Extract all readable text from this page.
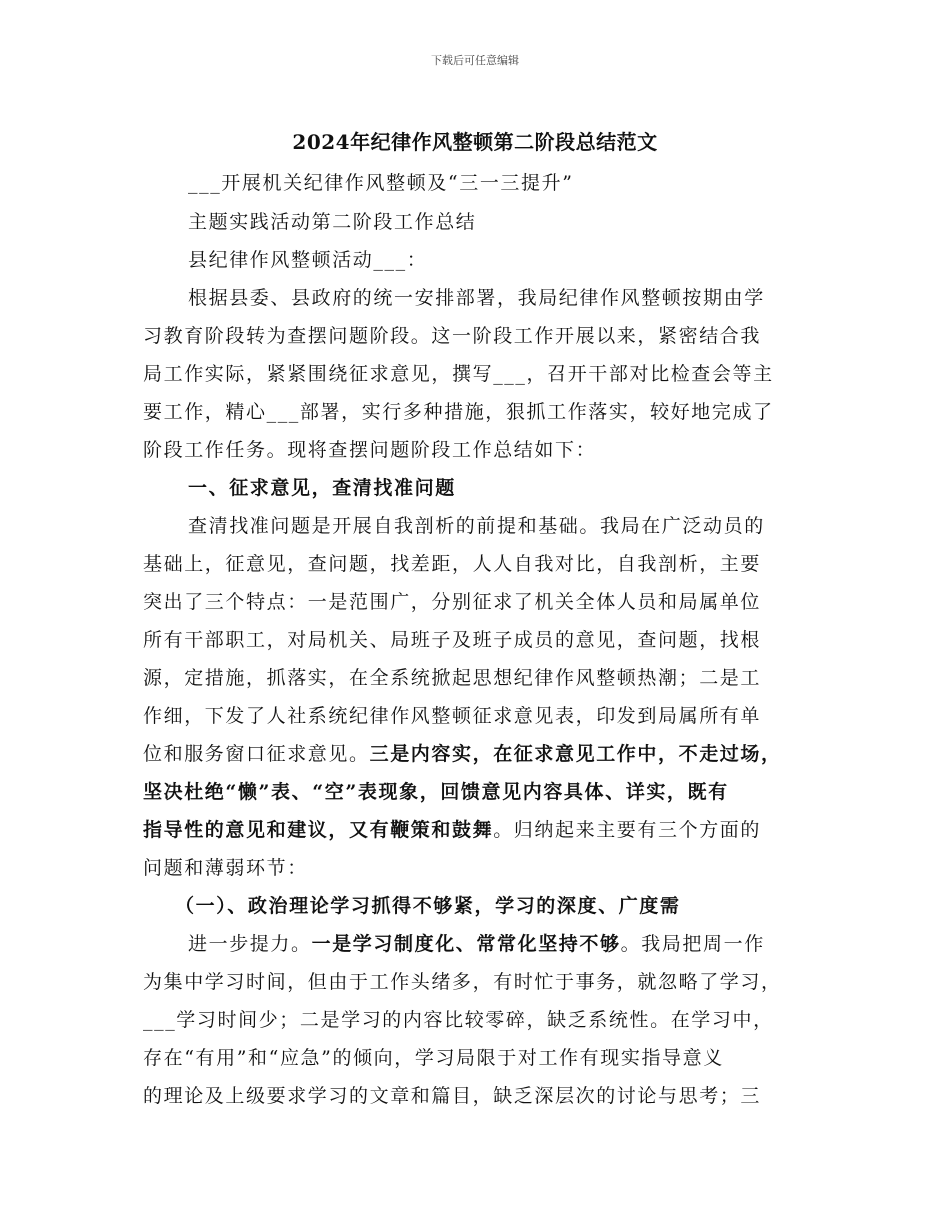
下载后可任意编辑
2024年纪律作风整顿第二阶段总结范文
___开展机关纪律作风整顿及“三一三提升”
主题实践活动第二阶段工作总结
县纪律作风整顿活动___：
根据县委、县政府的统一安排部署，我局纪律作风整顿按期由学
习教育阶段转为查摆问题阶段。这一阶段工作开展以来，紧密结合我
局工作实际，紧紧围绕征求意见，撰写___，召开干部对比检查会等主
要工作，精心___部署，实行多种措施，狠抓工作落实，较好地完成了
阶段工作任务。现将查摆问题阶段工作总结如下：
一、征求意见，查清找准问题
查清找准问题是开展自我剖析的前提和基础。我局在广泛动员的
基础上，征意见，查问题，找差距，人人自我对比，自我剖析，主要
突出了三个特点：一是范围广，分别征求了机关全体人员和局属单位
所有干部职工，对局机关、局班子及班子成员的意见，查问题，找根
源，定措施，抓落实，在全系统掀起思想纪律作风整顿热潮；二是工
作细，下发了人社系统纪律作风整顿征求意见表，印发到局属所有单
位和服务窗口征求意见。三是内容实，在征求意见工作中，不走过场，
坚决杜绝“懒”表、“空”表现象，回馈意见内容具体、详实，既有
指导性的意见和建议，又有鞭策和鼓舞。归纳起来主要有三个方面的
问题和薄弱环节：
（一）、政治理论学习抓得不够紧，学习的深度、广度需
进一步提力。一是学习制度化、常常化坚持不够。我局把周一作
为集中学习时间，但由于工作头绪多，有时忙于事务，就忽略了学习，
___学习时间少；二是学习的内容比较零碎，缺乏系统性。在学习中，
存在“有用”和“应急”的倾向，学习局限于对工作有现实指导意义
的理论及上级要求学习的文章和篇目，缺乏深层次的讨论与思考；三
